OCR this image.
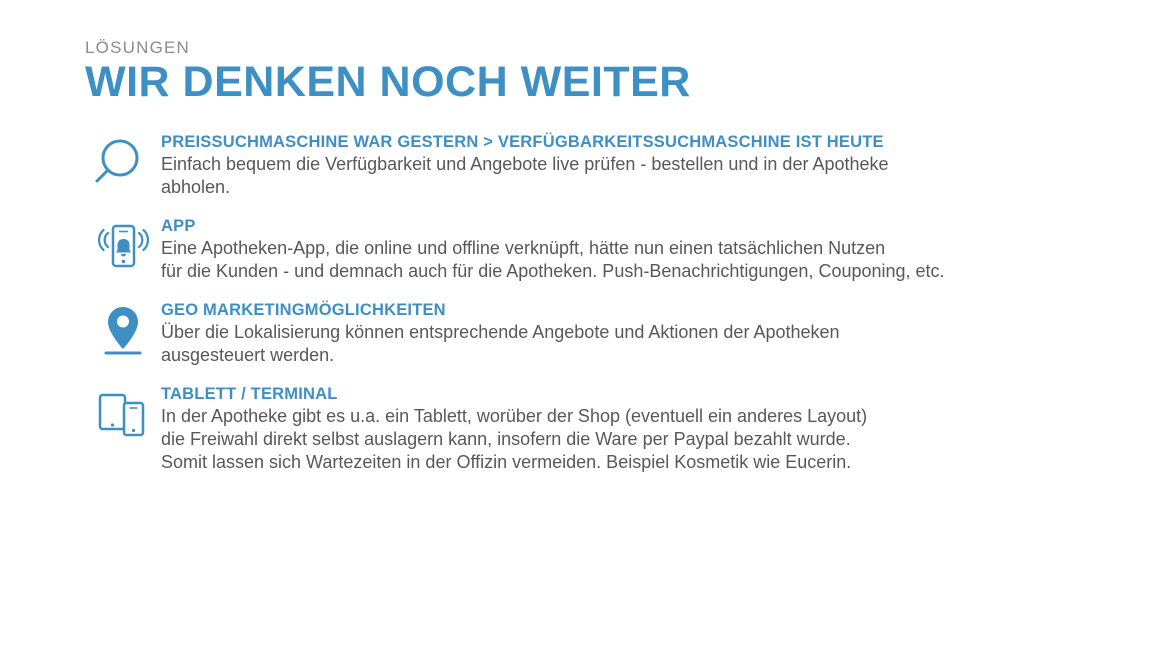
LÖSUNGEN
WIR DENKEN NOCH WEITER
PREISSUCHMASCHINE WAR GESTERN > VERFÜGBARKEITSSUCHMASCHINE IST HEUTE
Einfach bequem die Verfügbarkeit und Angebote live prüfen - bestellen und in der Apotheke
abholen.
APP
Eine Apotheken-App, die online und offline verknüpft, hätte nun einen tatsächlichen Nutzen
für die Kunden - und demnach auch für die Apotheken. Push-Benachrichtigungen, Couponing, etc.
GEO MARKETINGMÖGLICHKEITEN
Über die Lokalisierung können entsprechende Angebote und Aktionen der Apotheken
ausgesteuert werden.
TABLETT / TERMINAL
In der Apotheke gibt es u.a. ein Tablett, worüber der Shop (eventuell ein anderes Layout)
die Freiwahl direkt selbst auslagern kann, insofern die Ware per Paypal bezahlt wurde.
Somit lassen sich Wartezeiten in der Offizin vermeiden. Beispiel Kosmetik wie Eucerin.
